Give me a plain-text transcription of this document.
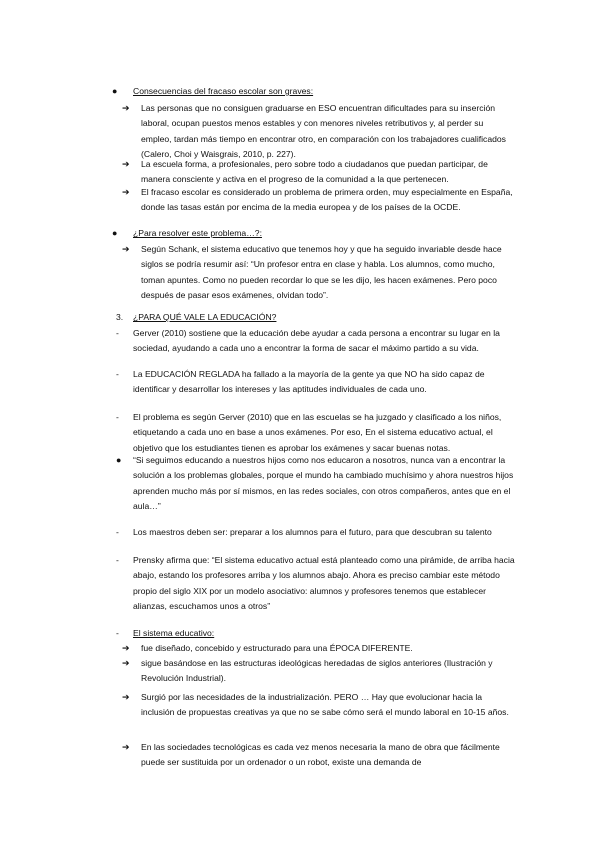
● Consecuencias del fracaso escolar son graves:
➔ Las personas que no consiguen graduarse en ESO encuentran dificultades para su inserción laboral, ocupan puestos menos estables y con menores niveles retributivos y, al perder su empleo, tardan más tiempo en encontrar otro, en comparación con los trabajadores cualificados (Calero, Choi y Waisgrais, 2010, p. 227).
➔ La escuela forma, a profesionales, pero sobre todo a ciudadanos que puedan participar, de manera consciente y activa en el progreso de la comunidad a la que pertenecen.
➔ El fracaso escolar es considerado un problema de primera orden, muy especialmente en España, donde las tasas están por encima de la media europea y de los países de la OCDE.
● ¿Para resolver este problema…?:
➔ Según Schank, el sistema educativo que tenemos hoy y que ha seguido invariable desde hace siglos se podría resumir así: “Un profesor entra en clase y habla. Los alumnos, como mucho, toman apuntes. Como no pueden recordar lo que se les dijo, les hacen exámenes. Pero poco después de pasar esos exámenes, olvidan todo”.
3. ¿PARA QUÉ VALE LA EDUCACIÓN?
- Gerver (2010) sostiene que la educación debe ayudar a cada persona a encontrar su lugar en la sociedad, ayudando a cada uno a encontrar la forma de sacar el máximo partido a su vida.
- La EDUCACIÓN REGLADA ha fallado a la mayoría de la gente ya que NO ha sido capaz de identificar y desarrollar los intereses y las aptitudes individuales de cada uno.
- El problema es según Gerver (2010) que en las escuelas se ha juzgado y clasificado a los niños, etiquetando a cada uno en base a unos exámenes. Por eso, En el sistema educativo actual, el objetivo que los estudiantes tienen es aprobar los exámenes y sacar buenas notas.
● “Si seguimos educando a nuestros hijos como nos educaron a nosotros, nunca van a encontrar la solución a los problemas globales, porque el mundo ha cambiado muchísimo y ahora nuestros hijos aprenden mucho más por sí mismos, en las redes sociales, con otros compañeros, antes que en el aula…”
- Los maestros deben ser: preparar a los alumnos para el futuro, para que descubran su talento
- Prensky afirma que: “El sistema educativo actual está planteado como una pirámide, de arriba hacia abajo, estando los profesores arriba y los alumnos abajo. Ahora es preciso cambiar este método propio del siglo XIX por un modelo asociativo: alumnos y profesores tenemos que establecer alianzas, escuchamos unos a otros”
- El sistema educativo:
➔ fue diseñado, concebido y estructurado para una ÉPOCA DIFERENTE.
➔ sigue basándose en las estructuras ideológicas heredadas de siglos anteriores (Ilustración y Revolución Industrial).
➔ Surgió por las necesidades de la industrialización. PERO … Hay que evolucionar hacia la inclusión de propuestas creativas ya que no se sabe cómo será el mundo laboral en 10-15 años.
➔ En las sociedades tecnológicas es cada vez menos necesaria la mano de obra que fácilmente puede ser sustituida por un ordenador o un robot, existe una demanda de
